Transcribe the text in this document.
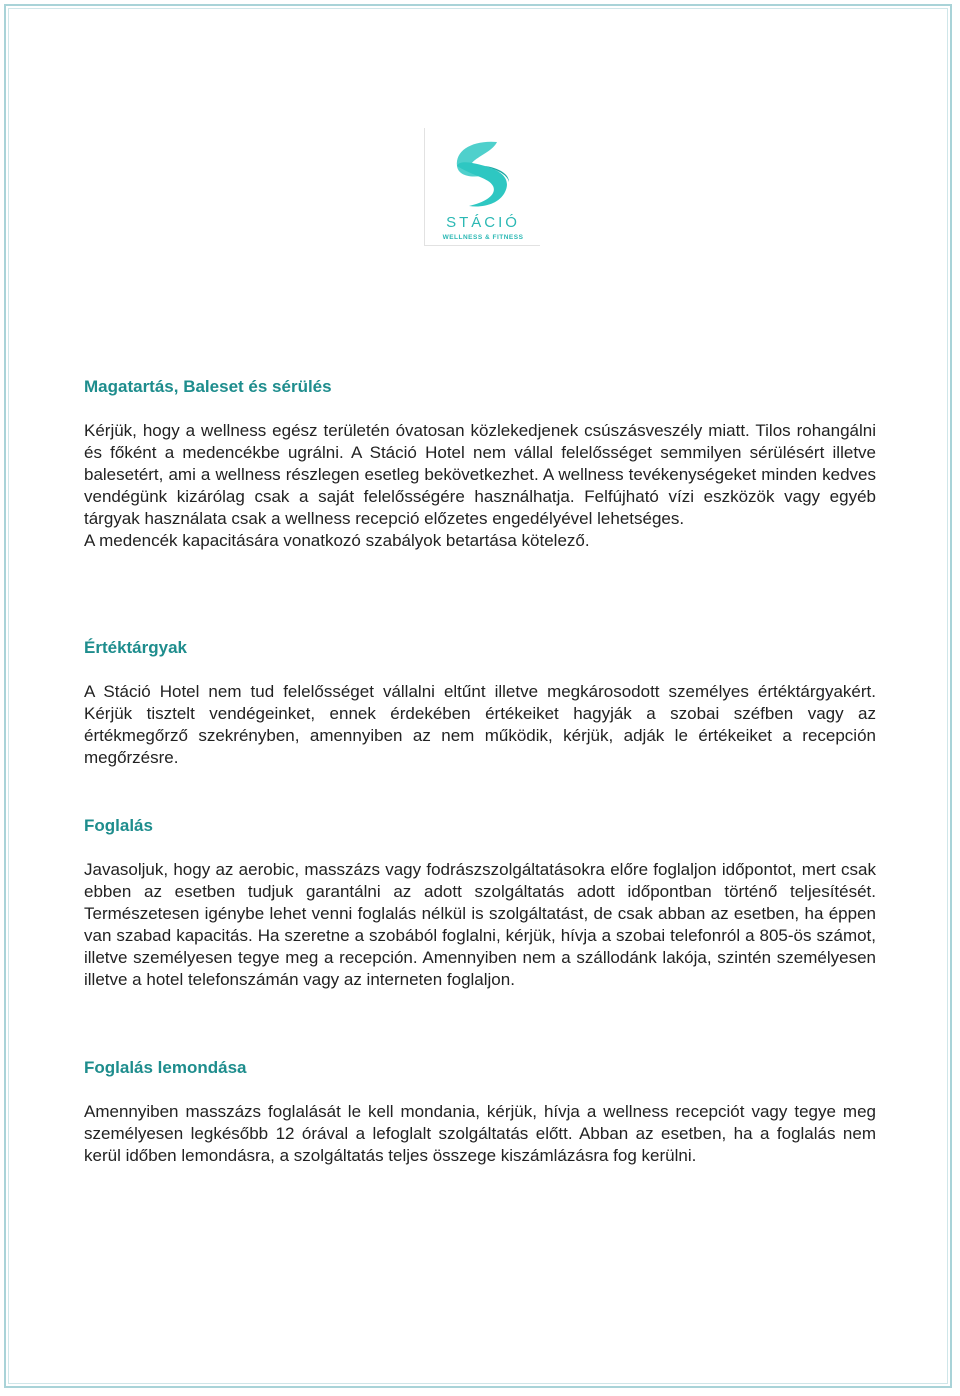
STÁCIÓ
WELLNESS & FITNESS
Magatartás, Baleset és sérülés

Kérjük, hogy a wellness egész területén óvatosan közlekedjenek csúszásveszély miatt. Tilos rohangálni és főként a medencékbe ugrálni. A Stáció Hotel nem vállal felelősséget semmilyen sérülésért illetve balesetért, ami a wellness részlegen esetleg bekövetkezhet. A wellness tevékenységeket minden kedves vendégünk kizárólag csak a saját felelősségére használhatja. Felfújható vízi eszközök vagy egyéb tárgyak használata csak a wellness recepció előzetes engedélyével lehetséges.

A medencék kapacitására vonatkozó szabályok betartása kötelező.

Értéktárgyak

A Stáció Hotel nem tud felelősséget vállalni eltűnt illetve megkárosodott személyes értéktárgyakért. Kérjük tisztelt vendégeinket, ennek érdekében értékeiket hagyják a szobai széfben vagy az értékmegőrző szekrényben, amennyiben az nem működik, kérjük, adják le értékeiket a recepción megőrzésre.

Foglalás

Javasoljuk, hogy az aerobic, masszázs vagy fodrászszolgáltatásokra előre foglaljon időpontot, mert csak ebben az esetben tudjuk garantálni az adott szolgáltatás adott időpontban történő teljesítését. Természetesen igénybe lehet venni foglalás nélkül is szolgáltatást, de csak abban az esetben, ha éppen van szabad kapacitás. Ha szeretne a szobából foglalni, kérjük, hívja a szobai telefonról a 805-ös számot, illetve személyesen tegye meg a recepción. Amennyiben nem a szállodánk lakója, szintén személyesen illetve a hotel telefonszámán vagy az interneten foglaljon.

Foglalás lemondása

Amennyiben masszázs foglalását le kell mondania, kérjük, hívja a wellness recepciót vagy tegye meg személyesen legkésőbb 12 órával a lefoglalt szolgáltatás előtt. Abban az esetben, ha a foglalás nem kerül időben lemondásra, a szolgáltatás teljes összege kiszámlázásra fog kerülni.
